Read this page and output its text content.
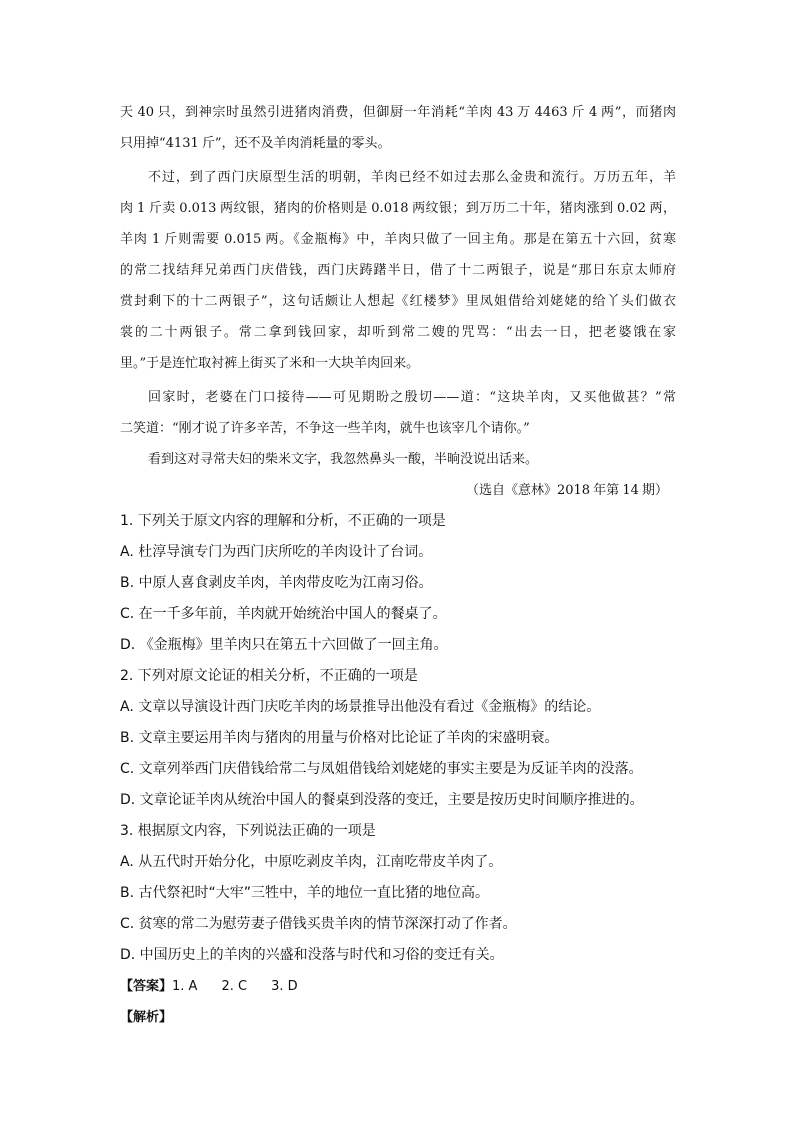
天 40 只，到神宗时虽然引进猪肉消费，但御厨一年消耗“羊肉 43 万 4463 斤 4 两”，而猪肉
只用掉“4131 斤”，还不及羊肉消耗量的零头。
不过，到了西门庆原型生活的明朝，羊肉已经不如过去那么金贵和流行。万历五年，羊
肉 1 斤卖 0.013 两纹银，猪肉的价格则是 0.018 两纹银；到万历二十年，猪肉涨到 0.02 两，
羊肉 1 斤则需要 0.015 两。《金瓶梅》中，羊肉只做了一回主角。那是在第五十六回，贫寒
的常二找结拜兄弟西门庆借钱，西门庆踌躇半日，借了十二两银子，说是“那日东京太师府
赏封剩下的十二两银子”，这句话颇让人想起《红楼梦》里凤姐借给刘姥姥的给丫头们做衣
裳的二十两银子。常二拿到钱回家，却听到常二嫂的咒骂：“出去一日，把老婆饿在家
里。”于是连忙取衬裤上街买了米和一大块羊肉回来。
回家时，老婆在门口接待——可见期盼之殷切——道：“这块羊肉，又买他做甚？”常
二笑道：“刚才说了许多辛苦，不争这一些羊肉，就牛也该宰几个请你。”
看到这对寻常夫妇的柴米文字，我忽然鼻头一酸，半晌没说出话来。
（选自《意林》2018 年第 14 期）
1. 下列关于原文内容的理解和分析，不正确的一项是
A. 杜淳导演专门为西门庆所吃的羊肉设计了台词。
B. 中原人喜食剥皮羊肉，羊肉带皮吃为江南习俗。
C. 在一千多年前，羊肉就开始统治中国人的餐桌了。
D. 《金瓶梅》里羊肉只在第五十六回做了一回主角。
2. 下列对原文论证的相关分析，不正确的一项是
A. 文章以导演设计西门庆吃羊肉的场景推导出他没有看过《金瓶梅》的结论。
B. 文章主要运用羊肉与猪肉的用量与价格对比论证了羊肉的宋盛明衰。
C. 文章列举西门庆借钱给常二与凤姐借钱给刘姥姥的事实主要是为反证羊肉的没落。
D. 文章论证羊肉从统治中国人的餐桌到没落的变迁，主要是按历史时间顺序推进的。
3. 根据原文内容，下列说法正确的一项是
A. 从五代时开始分化，中原吃剥皮羊肉，江南吃带皮羊肉了。
B. 古代祭祀时“大牢”三牲中，羊的地位一直比猪的地位高。
C. 贫寒的常二为慰劳妻子借钱买贵羊肉的情节深深打动了作者。
D. 中国历史上的羊肉的兴盛和没落与时代和习俗的变迁有关。
【答案】1. A 2. C 3. D
【解析】
